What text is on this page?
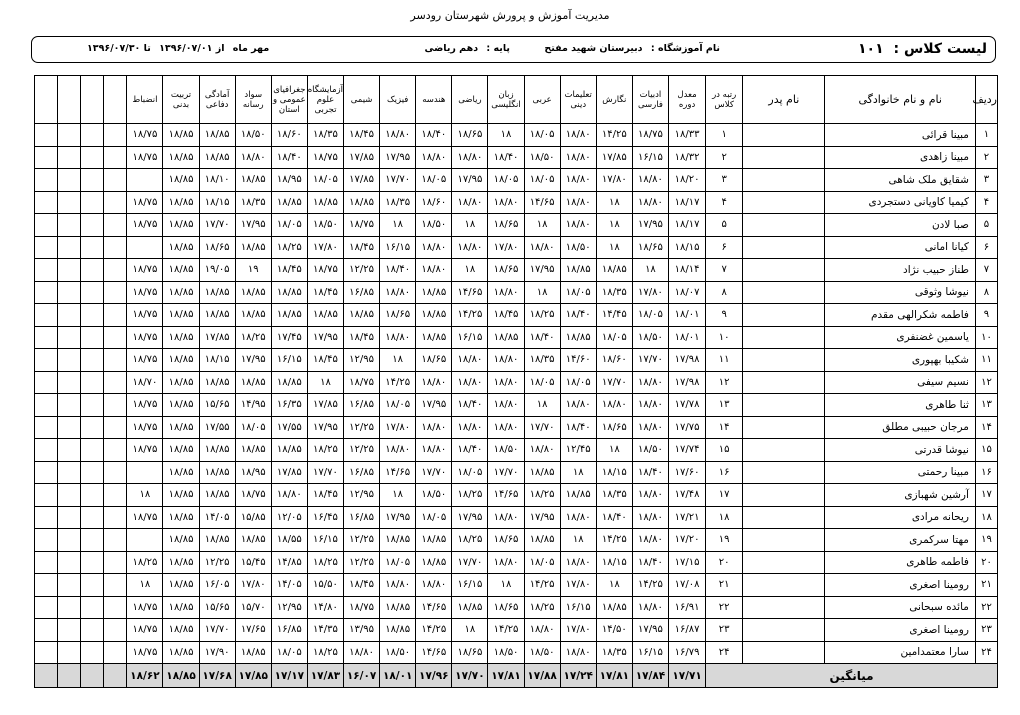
مدیریت آموزش و پرورش شهرستان رودسر
لیست کلاس : ۱۰۱
نام آموزشگاه : دبیرستان شهید مفتح
پایه : دهم ریاضی
مهر ماه از ۱۳۹۶/۰۷/۰۱ تا ۱۳۹۶/۰۷/۳۰
ردیف	نام و نام خانوادگی	نام پدر	رتبه در کلاس	معدل دوره	ادبیات فارسی	نگارش	تعلیمات دینی	عربی	زبان انگلیسی	ریاضی	هندسه	فیزیک	شیمی	آزمایشگاه علوم تجربی	جغرافیای عمومی و استان	سواد رسانه	آمادگی دفاعی	تربیت بدنی	انضباط				
۱	مبینا قرائی		۱	۱۸/۳۳	۱۸/۷۵	۱۴/۲۵	۱۸/۸۰	۱۸/۰۵	۱۸	۱۸/۶۵	۱۸/۴۰	۱۸/۸۰	۱۸/۴۵	۱۸/۳۵	۱۸/۶۰	۱۸/۵۰	۱۸/۸۵	۱۸/۸۵	۱۸/۷۵				
۲	مبینا زاهدی		۲	۱۸/۳۲	۱۶/۱۵	۱۷/۸۵	۱۸/۸۰	۱۸/۵۰	۱۸/۴۰	۱۸/۸۰	۱۸/۸۰	۱۷/۹۵	۱۷/۸۵	۱۸/۷۵	۱۸/۴۰	۱۸/۸۰	۱۸/۸۵	۱۸/۸۵	۱۸/۷۵				
۳	شقایق ملک شاهی		۳	۱۸/۲۰	۱۸/۸۰	۱۷/۸۰	۱۸/۸۰	۱۸/۰۵	۱۸/۰۵	۱۷/۹۵	۱۸/۰۵	۱۷/۷۰	۱۷/۸۵	۱۸/۰۵	۱۸/۹۵	۱۸/۸۵	۱۸/۱۰	۱۸/۸۵					
۴	کیمیا کاویانی دستجردی		۴	۱۸/۱۷	۱۸/۸۰	۱۸	۱۸/۸۰	۱۴/۶۵	۱۸/۸۰	۱۸/۸۰	۱۸/۶۰	۱۸/۳۵	۱۸/۸۵	۱۸/۸۵	۱۸/۸۵	۱۸/۳۵	۱۸/۱۵	۱۸/۸۵	۱۸/۷۵				
۵	صبا لادن		۵	۱۸/۱۷	۱۷/۹۵	۱۸	۱۸/۸۰	۱۸	۱۸/۶۵	۱۸	۱۸/۵۰	۱۸	۱۸/۷۵	۱۸/۵۰	۱۸/۰۵	۱۷/۹۵	۱۷/۷۰	۱۸/۸۵	۱۸/۷۵				
۶	کیانا امانی		۶	۱۸/۱۵	۱۸/۶۵	۱۸	۱۸/۵۰	۱۸/۸۰	۱۷/۸۰	۱۸/۸۰	۱۸/۸۰	۱۶/۱۵	۱۸/۴۵	۱۷/۸۰	۱۸/۲۵	۱۸/۸۵	۱۸/۶۵	۱۸/۸۵					
۷	طناز حبیب نژاد		۷	۱۸/۱۴	۱۸	۱۸/۸۵	۱۸/۸۵	۱۷/۹۵	۱۸/۶۵	۱۸	۱۸/۸۰	۱۸/۴۰	۱۲/۲۵	۱۸/۷۵	۱۸/۴۵	۱۹	۱۹/۰۵	۱۸/۸۵	۱۸/۷۵				
۸	نیوشا وثوقی		۸	۱۸/۰۷	۱۷/۸۰	۱۸/۳۵	۱۸/۰۵	۱۸	۱۸/۸۰	۱۴/۶۵	۱۸/۸۵	۱۸/۸۰	۱۶/۸۵	۱۸/۴۵	۱۸/۸۵	۱۸/۸۵	۱۸/۸۵	۱۸/۸۵	۱۸/۷۵				
۹	فاطمه شکرالهی مقدم		۹	۱۸/۰۱	۱۸/۰۵	۱۴/۴۵	۱۸/۴۰	۱۸/۲۵	۱۸/۴۵	۱۴/۲۵	۱۸/۸۵	۱۸/۶۵	۱۸/۸۵	۱۸/۸۵	۱۸/۸۵	۱۸/۸۵	۱۸/۸۵	۱۸/۸۵	۱۸/۷۵				
۱۰	یاسمین غضنفری		۱۰	۱۸/۰۱	۱۸/۵۰	۱۸/۰۵	۱۸/۸۵	۱۸/۴۰	۱۸/۸۵	۱۶/۱۵	۱۸/۸۵	۱۸/۸۰	۱۸/۴۵	۱۷/۹۵	۱۷/۴۵	۱۸/۲۵	۱۷/۸۵	۱۸/۸۵	۱۸/۷۵				
۱۱	شکیبا بهپوری		۱۱	۱۷/۹۸	۱۷/۷۰	۱۸/۶۰	۱۴/۶۰	۱۸/۳۵	۱۸/۸۰	۱۸/۸۰	۱۸/۶۵	۱۸	۱۲/۹۵	۱۸/۴۵	۱۶/۱۵	۱۷/۹۵	۱۸/۱۵	۱۸/۸۵	۱۸/۷۵				
۱۲	نسیم سیفی		۱۲	۱۷/۹۸	۱۸/۸۰	۱۷/۷۰	۱۸/۰۵	۱۸/۰۵	۱۸/۸۰	۱۸/۸۰	۱۸/۸۰	۱۴/۲۵	۱۸/۷۵	۱۸	۱۸/۸۵	۱۸/۸۵	۱۸/۸۵	۱۸/۸۵	۱۸/۷۰				
۱۳	ثنا طاهری		۱۳	۱۷/۷۸	۱۸/۸۰	۱۸/۸۰	۱۸/۸۰	۱۸	۱۸/۸۰	۱۸/۴۰	۱۷/۹۵	۱۸/۰۵	۱۶/۸۵	۱۷/۸۵	۱۶/۳۵	۱۴/۹۵	۱۵/۶۵	۱۸/۸۵	۱۸/۷۵				
۱۴	مرجان حبیبی مطلق		۱۴	۱۷/۷۵	۱۸/۸۰	۱۸/۶۵	۱۸/۴۰	۱۷/۷۰	۱۸/۸۰	۱۸/۸۰	۱۸/۸۰	۱۷/۸۰	۱۲/۲۵	۱۷/۹۵	۱۷/۵۵	۱۸/۰۵	۱۷/۵۵	۱۸/۸۵	۱۸/۷۵				
۱۵	نیوشا قدرتی		۱۵	۱۷/۷۴	۱۸/۵۰	۱۸	۱۲/۴۵	۱۸/۸۰	۱۸/۵۰	۱۸/۴۰	۱۸/۸۰	۱۸/۸۰	۱۲/۲۵	۱۸/۲۵	۱۸/۸۵	۱۸/۸۵	۱۸/۸۵	۱۸/۸۵	۱۸/۷۵				
۱۶	مبینا رحمتی		۱۶	۱۷/۶۰	۱۸/۴۰	۱۸/۱۵	۱۸	۱۸/۸۵	۱۷/۷۰	۱۸/۰۵	۱۷/۷۰	۱۴/۶۵	۱۶/۸۵	۱۷/۷۰	۱۷/۸۵	۱۸/۹۵	۱۸/۸۵	۱۸/۸۵					
۱۷	آرشین شهبازی		۱۷	۱۷/۴۸	۱۸/۸۰	۱۸/۳۵	۱۸/۸۵	۱۸/۲۵	۱۴/۶۵	۱۸/۲۵	۱۸/۵۰	۱۸	۱۲/۹۵	۱۸/۴۵	۱۸/۸۰	۱۸/۷۵	۱۸/۸۵	۱۸/۸۵	۱۸				
۱۸	ریحانه مرادی		۱۸	۱۷/۲۱	۱۸/۸۰	۱۸/۴۰	۱۸/۸۰	۱۷/۹۵	۱۸/۸۰	۱۷/۹۵	۱۸/۰۵	۱۷/۹۵	۱۶/۸۵	۱۶/۴۵	۱۲/۰۵	۱۵/۸۵	۱۴/۰۵	۱۸/۸۵	۱۸/۷۵				
۱۹	مهتا سرکمری		۱۹	۱۷/۲۰	۱۸/۸۰	۱۴/۲۵	۱۸	۱۸/۸۵	۱۸/۶۵	۱۸/۲۵	۱۸/۸۵	۱۸/۸۵	۱۲/۲۵	۱۶/۱۵	۱۸/۵۵	۱۸/۸۵	۱۸/۸۵	۱۸/۸۵					
۲۰	فاطمه طاهری		۲۰	۱۷/۱۵	۱۸/۴۰	۱۸/۱۵	۱۸/۸۰	۱۸/۰۵	۱۸/۸۰	۱۷/۷۰	۱۸/۸۵	۱۸/۰۵	۱۲/۲۵	۱۸/۲۵	۱۴/۸۵	۱۵/۴۵	۱۲/۲۵	۱۸/۸۵	۱۸/۲۵				
۲۱	رومینا اصغری		۲۱	۱۷/۰۸	۱۴/۲۵	۱۸	۱۷/۸۰	۱۴/۲۵	۱۸	۱۶/۱۵	۱۸/۸۰	۱۸/۸۰	۱۸/۴۵	۱۵/۵۰	۱۴/۰۵	۱۷/۸۰	۱۶/۰۵	۱۸/۸۵	۱۸				
۲۲	مائده سبحانی		۲۲	۱۶/۹۱	۱۸/۸۰	۱۸/۸۵	۱۶/۱۵	۱۸/۲۵	۱۸/۶۵	۱۸/۸۵	۱۴/۶۵	۱۸/۸۵	۱۸/۷۵	۱۴/۸۰	۱۲/۹۵	۱۵/۷۰	۱۵/۶۵	۱۸/۸۵	۱۸/۷۵				
۲۳	رومینا اصغری		۲۳	۱۶/۸۷	۱۷/۹۵	۱۴/۵۰	۱۷/۸۰	۱۸/۸۰	۱۴/۲۵	۱۸	۱۴/۲۵	۱۸/۸۵	۱۳/۹۵	۱۴/۳۵	۱۶/۸۵	۱۷/۶۵	۱۷/۷۰	۱۸/۸۵	۱۸/۷۵				
۲۴	سارا معتمدامین		۲۴	۱۶/۷۹	۱۶/۱۵	۱۸/۳۵	۱۸/۸۰	۱۸/۵۰	۱۸/۵۰	۱۸/۶۵	۱۴/۶۵	۱۸/۵۰	۱۸/۸۰	۱۸/۲۵	۱۸/۰۵	۱۸/۸۵	۱۷/۹۰	۱۸/۸۵	۱۸/۷۵				
میانگین				۱۷/۷۱	۱۷/۸۴	۱۷/۸۱	۱۷/۲۴	۱۷/۸۸	۱۷/۸۱	۱۷/۷۰	۱۷/۹۶	۱۸/۰۱	۱۶/۰۷	۱۷/۸۳	۱۷/۱۷	۱۷/۸۵	۱۷/۶۸	۱۸/۸۵	۱۸/۶۲				
